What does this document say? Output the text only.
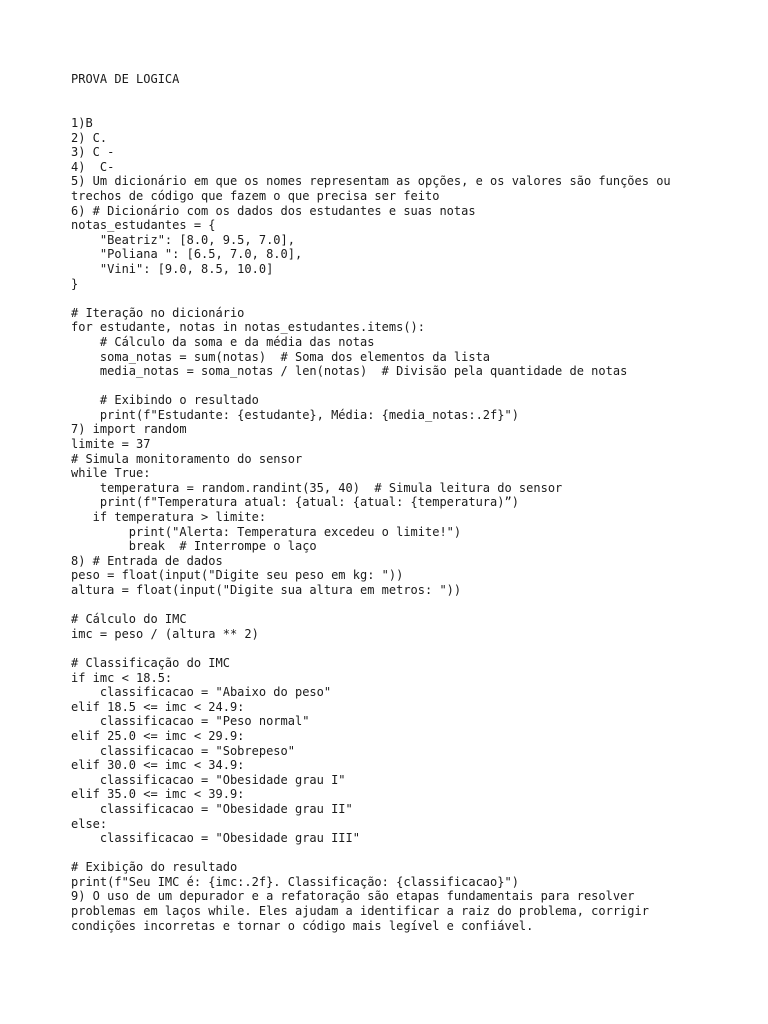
PROVA DE LOGICA
1)B
2) C.
3) C -
4)  C-
5) Um dicionário em que os nomes representam as opções, e os valores são funções ou
trechos de código que fazem o que precisa ser feito
6) # Dicionário com os dados dos estudantes e suas notas
notas_estudantes = {
"Beatriz": [8.0, 9.5, 7.0],
"Poliana ": [6.5, 7.0, 8.0],
"Vini": [9.0, 8.5, 10.0]
}
# Iteração no dicionário
for estudante, notas in notas_estudantes.items():
# Cálculo da soma e da média das notas
soma_notas = sum(notas)  # Soma dos elementos da lista
media_notas = soma_notas / len(notas)  # Divisão pela quantidade de notas
# Exibindo o resultado
print(f"Estudante: {estudante}, Média: {media_notas:.2f}")
7) import random
limite = 37
# Simula monitoramento do sensor
while True:
temperatura = random.randint(35, 40)  # Simula leitura do sensor
print(f"Temperatura atual: {atual: {atual: {temperatura)”)
if temperatura > limite:
print("Alerta: Temperatura excedeu o limite!")
break  # Interrompe o laço
8) # Entrada de dados
peso = float(input("Digite seu peso em kg: "))
altura = float(input("Digite sua altura em metros: "))
# Cálculo do IMC
imc = peso / (altura ** 2)
# Classificação do IMC
if imc < 18.5:
classificacao = "Abaixo do peso"
elif 18.5 <= imc < 24.9:
classificacao = "Peso normal"
elif 25.0 <= imc < 29.9:
classificacao = "Sobrepeso"
elif 30.0 <= imc < 34.9:
classificacao = "Obesidade grau I"
elif 35.0 <= imc < 39.9:
classificacao = "Obesidade grau II"
else:
classificacao = "Obesidade grau III"
# Exibição do resultado
print(f"Seu IMC é: {imc:.2f}. Classificação: {classificacao}")
9) O uso de um depurador e a refatoração são etapas fundamentais para resolver
problemas em laços while. Eles ajudam a identificar a raiz do problema, corrigir
condições incorretas e tornar o código mais legível e confiável.
